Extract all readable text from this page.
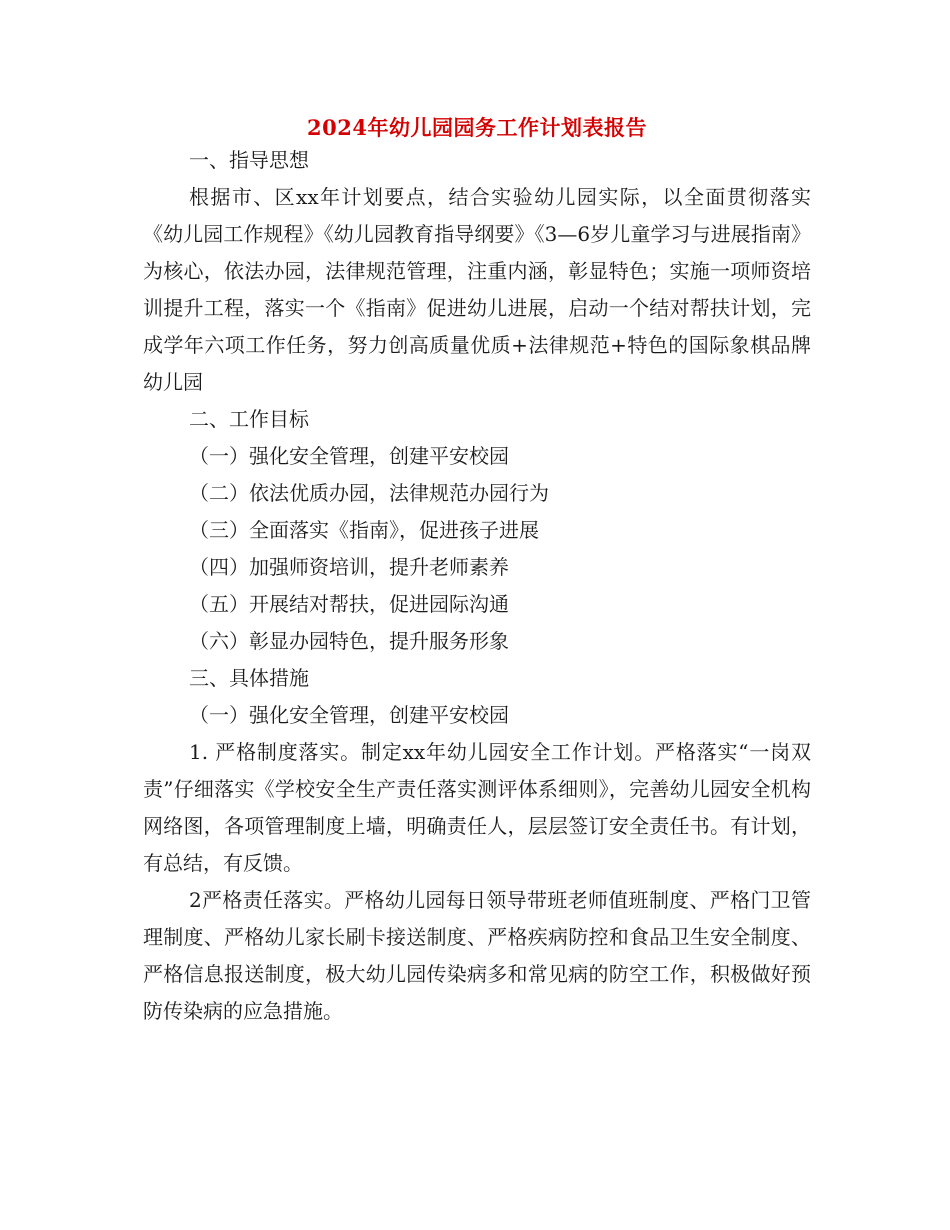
2024年幼儿园园务工作计划表报告

一、指导思想

根据市、区xx年计划要点，结合实验幼儿园实际，以全面贯彻落实《幼儿园工作规程》《幼儿园教育指导纲要》《3—6岁儿童学习与进展指南》为核心，依法办园，法律规范管理，注重内涵，彰显特色；实施一项师资培训提升工程，落实一个《指南》促进幼儿进展，启动一个结对帮扶计划，完成学年六项工作任务，努力创高质量优质+法律规范+特色的国际象棋品牌幼儿园

二、工作目标

（一）强化安全管理，创建平安校园

（二）依法优质办园，法律规范办园行为

（三）全面落实《指南》，促进孩子进展

（四）加强师资培训，提升老师素养

（五）开展结对帮扶，促进园际沟通

（六）彰显办园特色，提升服务形象

三、具体措施

（一）强化安全管理，创建平安校园

1. 严格制度落实。制定xx年幼儿园安全工作计划。严格落实“一岗双责”仔细落实《学校安全生产责任落实测评体系细则》，完善幼儿园安全机构网络图，各项管理制度上墙，明确责任人，层层签订安全责任书。有计划，有总结，有反馈。

2严格责任落实。严格幼儿园每日领导带班老师值班制度、严格门卫管理制度、严格幼儿家长刷卡接送制度、严格疾病防控和食品卫生安全制度、严格信息报送制度，极大幼儿园传染病多和常见病的防空工作，积极做好预防传染病的应急措施。
